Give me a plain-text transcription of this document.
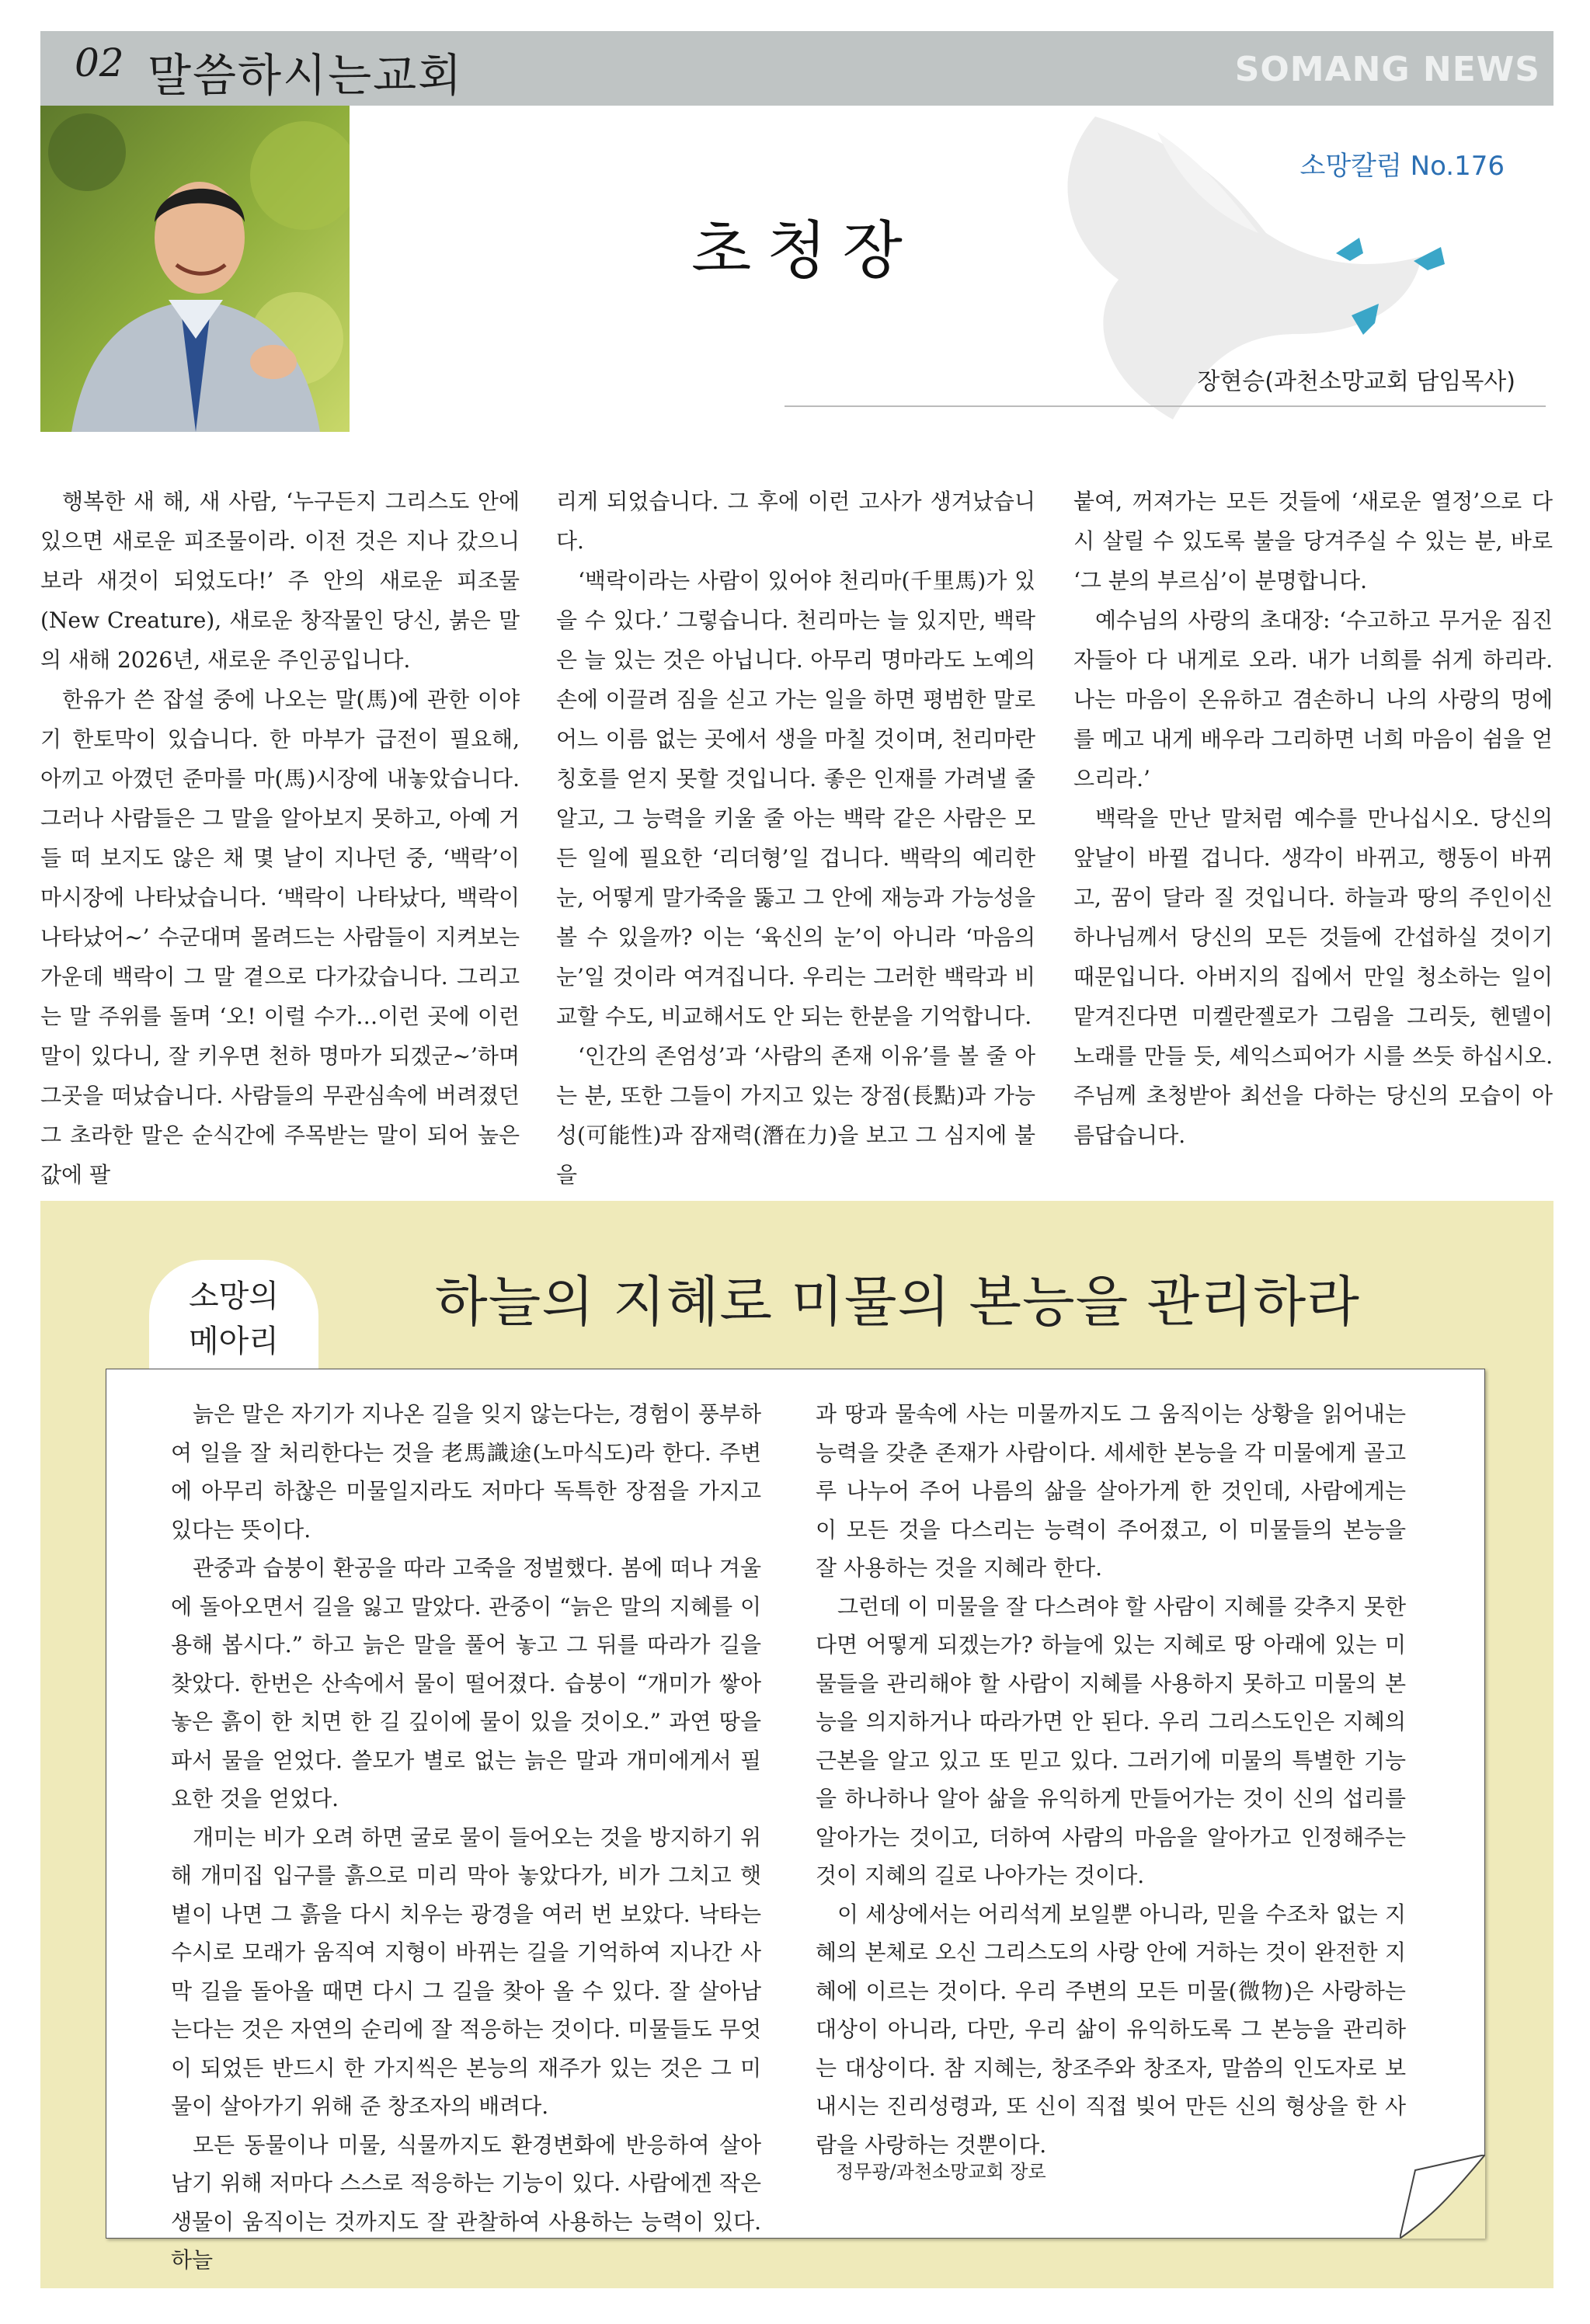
02 말씀하시는교회	SOMANG NEWS
소망칼럼 No.176
초청장
장현승(과천소망교회 담임목사)

행복한 새 해, 새 사람, ‘누구든지 그리스도 안에 있으면 새로운 피조물이라. 이전 것은 지나 갔으니 보라 새것이 되었도다!’ 주 안의 새로운 피조물(New Creature), 새로운 창작물인 당신, 붉은 말의 새해 2026년, 새로운 주인공입니다.

한유가 쓴 잡설 중에 나오는 말(馬)에 관한 이야기 한토막이 있습니다. 한 마부가 급전이 필요해, 아끼고 아꼈던 준마를 마(馬)시장에 내놓았습니다. 그러나 사람들은 그 말을 알아보지 못하고, 아예 거들 떠 보지도 않은 채 몇 날이 지나던 중, ‘백락’이 마시장에 나타났습니다. ‘백락이 나타났다, 백락이 나타났어~’ 수군대며 몰려드는 사람들이 지켜보는 가운데 백락이 그 말 곁으로 다가갔습니다. 그리고는 말 주위를 돌며 ‘오! 이럴 수가…이런 곳에 이런 말이 있다니, 잘 키우면 천하 명마가 되겠군~’하며 그곳을 떠났습니다. 사람들의 무관심속에 버려졌던 그 초라한 말은 순식간에 주목받는 말이 되어 높은 값에 팔

리게 되었습니다. 그 후에 이런 고사가 생겨났습니다.

‘백락이라는 사람이 있어야 천리마(千里馬)가 있을 수 있다.’ 그렇습니다. 천리마는 늘 있지만, 백락은 늘 있는 것은 아닙니다. 아무리 명마라도 노예의 손에 이끌려 짐을 싣고 가는 일을 하면 평범한 말로 어느 이름 없는 곳에서 생을 마칠 것이며, 천리마란 칭호를 얻지 못할 것입니다. 좋은 인재를 가려낼 줄 알고, 그 능력을 키울 줄 아는 백락 같은 사람은 모든 일에 필요한 ‘리더형’일 겁니다. 백락의 예리한 눈, 어떻게 말가죽을 뚫고 그 안에 재능과 가능성을 볼 수 있을까? 이는 ‘육신의 눈’이 아니라 ‘마음의 눈’일 것이라 여겨집니다. 우리는 그러한 백락과 비교할 수도, 비교해서도 안 되는 한분을 기억합니다.

‘인간의 존엄성’과 ‘사람의 존재 이유’를 볼 줄 아는 분, 또한 그들이 가지고 있는 장점(長點)과 가능성(可能性)과 잠재력(潛在力)을 보고 그 심지에 불을

붙여, 꺼져가는 모든 것들에 ‘새로운 열정’으로 다시 살릴 수 있도록 불을 당겨주실 수 있는 분, 바로 ‘그 분의 부르심’이 분명합니다.

예수님의 사랑의 초대장: ‘수고하고 무거운 짐진 자들아 다 내게로 오라. 내가 너희를 쉬게 하리라. 나는 마음이 온유하고 겸손하니 나의 사랑의 멍에를 메고 내게 배우라 그리하면 너희 마음이 쉼을 얻으리라.’

백락을 만난 말처럼 예수를 만나십시오. 당신의 앞날이 바뀔 겁니다. 생각이 바뀌고, 행동이 바뀌고, 꿈이 달라 질 것입니다. 하늘과 땅의 주인이신 하나님께서 당신의 모든 것들에 간섭하실 것이기 때문입니다. 아버지의 집에서 만일 청소하는 일이 맡겨진다면 미켈란젤로가 그림을 그리듯, 헨델이 노래를 만들 듯, 셰익스피어가 시를 쓰듯 하십시오. 주님께 초청받아 최선을 다하는 당신의 모습이 아름답습니다.

소망의
메아리
하늘의 지혜로 미물의 본능을 관리하라

늙은 말은 자기가 지나온 길을 잊지 않는다는, 경험이 풍부하여 일을 잘 처리한다는 것을 老馬識途(노마식도)라 한다. 주변에 아무리 하찮은 미물일지라도 저마다 독특한 장점을 가지고 있다는 뜻이다.

관중과 습붕이 환공을 따라 고죽을 정벌했다. 봄에 떠나 겨울에 돌아오면서 길을 잃고 말았다. 관중이 “늙은 말의 지혜를 이용해 봅시다.” 하고 늙은 말을 풀어 놓고 그 뒤를 따라가 길을 찾았다. 한번은 산속에서 물이 떨어졌다. 습붕이 “개미가 쌓아 놓은 흙이 한 치면 한 길 깊이에 물이 있을 것이오.” 과연 땅을 파서 물을 얻었다. 쓸모가 별로 없는 늙은 말과 개미에게서 필요한 것을 얻었다.

개미는 비가 오려 하면 굴로 물이 들어오는 것을 방지하기 위해 개미집 입구를 흙으로 미리 막아 놓았다가, 비가 그치고 햇볕이 나면 그 흙을 다시 치우는 광경을 여러 번 보았다. 낙타는 수시로 모래가 움직여 지형이 바뀌는 길을 기억하여 지나간 사막 길을 돌아올 때면 다시 그 길을 찾아 올 수 있다. 잘 살아남는다는 것은 자연의 순리에 잘 적응하는 것이다. 미물들도 무엇이 되었든 반드시 한 가지씩은 본능의 재주가 있는 것은 그 미물이 살아가기 위해 준 창조자의 배려다.

모든 동물이나 미물, 식물까지도 환경변화에 반응하여 살아남기 위해 저마다 스스로 적응하는 기능이 있다. 사람에겐 작은 생물이 움직이는 것까지도 잘 관찰하여 사용하는 능력이 있다. 하늘

과 땅과 물속에 사는 미물까지도 그 움직이는 상황을 읽어내는 능력을 갖춘 존재가 사람이다. 세세한 본능을 각 미물에게 골고루 나누어 주어 나름의 삶을 살아가게 한 것인데, 사람에게는 이 모든 것을 다스리는 능력이 주어졌고, 이 미물들의 본능을 잘 사용하는 것을 지혜라 한다.

그런데 이 미물을 잘 다스려야 할 사람이 지혜를 갖추지 못한다면 어떻게 되겠는가? 하늘에 있는 지혜로 땅 아래에 있는 미물들을 관리해야 할 사람이 지혜를 사용하지 못하고 미물의 본능을 의지하거나 따라가면 안 된다. 우리 그리스도인은 지혜의 근본을 알고 있고 또 믿고 있다. 그러기에 미물의 특별한 기능을 하나하나 알아 삶을 유익하게 만들어가는 것이 신의 섭리를 알아가는 것이고, 더하여 사람의 마음을 알아가고 인정해주는 것이 지혜의 길로 나아가는 것이다.

이 세상에서는 어리석게 보일뿐 아니라, 믿을 수조차 없는 지혜의 본체로 오신 그리스도의 사랑 안에 거하는 것이 완전한 지혜에 이르는 것이다. 우리 주변의 모든 미물(微物)은 사랑하는 대상이 아니라, 다만, 우리 삶이 유익하도록 그 본능을 관리하는 대상이다. 참 지혜는, 창조주와 창조자, 말씀의 인도자로 보내시는 진리성령과, 또 신이 직접 빚어 만든 신의 형상을 한 사람을 사랑하는 것뿐이다.

정무광/과천소망교회 장로
